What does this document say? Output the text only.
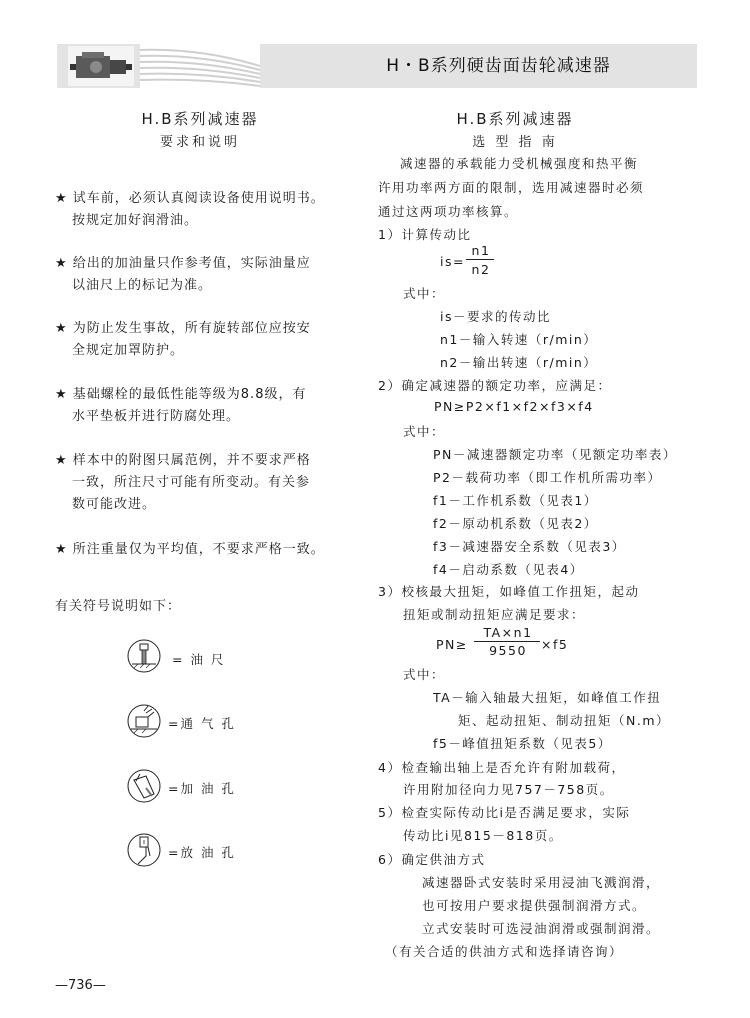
H・B系列硬齿面齿轮减速器
H.B系列减速器
要求和说明
★ 试车前，必须认真阅读设备使用说明书。
按规定加好润滑油。
★ 给出的加油量只作参考值，实际油量应
以油尺上的标记为准。
★ 为防止发生事故，所有旋转部位应按安
全规定加罩防护。
★ 基础螺栓的最低性能等级为8.8级，有
水平垫板并进行防腐处理。
★ 样本中的附图只属范例，并不要求严格
一致，所注尺寸可能有所变动。有关参
数可能改进。
★ 所注重量仅为平均值，不要求严格一致。
有关符号说明如下：
= 油 尺
=通 气 孔
=加 油 孔
=放 油 孔
—736—
H.B系列减速器
选 型 指 南
减速器的承载能力受机械强度和热平衡
许用功率两方面的限制，选用减速器时必须
通过这两项功率核算。
1）计算传动比
is=
n1
n2
式中：
is－要求的传动比
n1－输入转速（r/min）
n2－输出转速（r/min）
2）确定减速器的额定功率，应满足：
PN≥P2×f1×f2×f3×f4
式中：
PN－减速器额定功率（见额定功率表）
P2－载荷功率（即工作机所需功率）
f1－工作机系数（见表1）
f2－原动机系数（见表2）
f3－减速器安全系数（见表3）
f4－启动系数（见表4）
3）校核最大扭矩，如峰值工作扭矩，起动
扭矩或制动扭矩应满足要求：
PN≥
TA×n1
9550	×f5
式中：
TA－输入轴最大扭矩，如峰值工作扭
矩、起动扭矩、制动扭矩（N.m）
f5－峰值扭矩系数（见表5）
4）检查输出轴上是否允许有附加载荷，
许用附加径向力见757－758页。
5）检查实际传动比i是否满足要求，实际
传动比i见815－818页。
6）确定供油方式
减速器卧式安装时采用浸油飞溅润滑，
也可按用户要求提供强制润滑方式。
立式安装时可选浸油润滑或强制润滑。
（有关合适的供油方式和选择请咨询）
